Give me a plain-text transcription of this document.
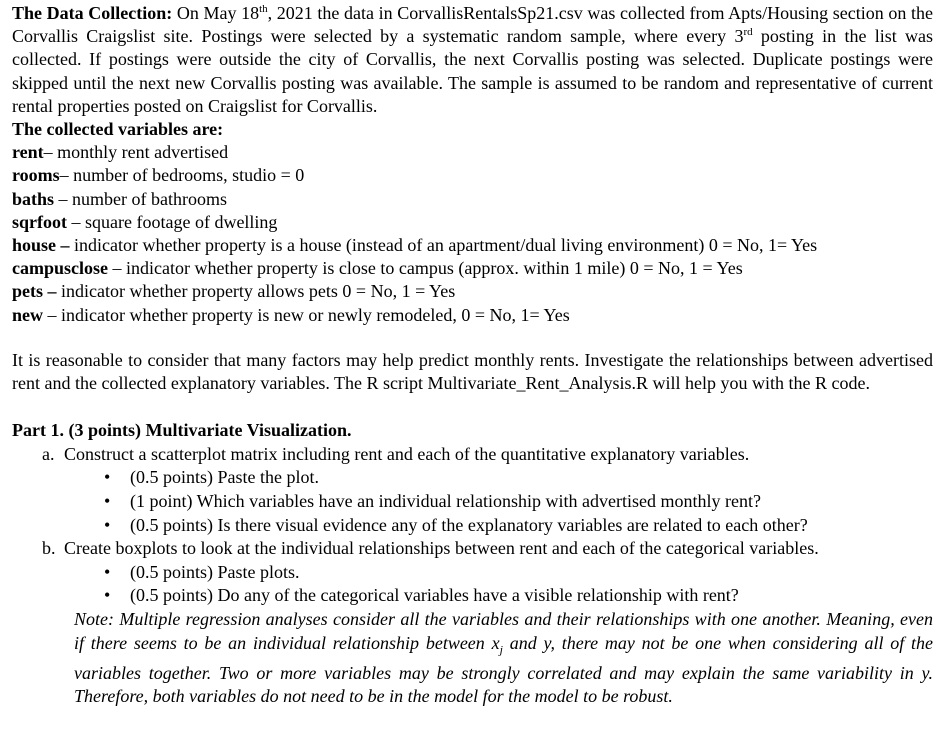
The Data Collection: On May 18th, 2021 the data in CorvallisRentalsSp21.csv was collected from Apts/Housing section on the Corvallis Craigslist site. Postings were selected by a systematic random sample, where every 3rd posting in the list was collected. If postings were outside the city of Corvallis, the next Corvallis posting was selected. Duplicate postings were skipped until the next new Corvallis posting was available. The sample is assumed to be random and representative of current rental properties posted on Craigslist for Corvallis.

The collected variables are:
rent– monthly rent advertised
rooms– number of bedrooms, studio = 0
baths – number of bathrooms
sqrfoot – square footage of dwelling
house – indicator whether property is a house (instead of an apartment/dual living environment) 0 = No, 1= Yes
campusclose – indicator whether property is close to campus (approx. within 1 mile) 0 = No, 1 = Yes
pets – indicator whether property allows pets 0 = No, 1 = Yes
new – indicator whether property is new or newly remodeled, 0 = No, 1= Yes

It is reasonable to consider that many factors may help predict monthly rents. Investigate the relationships between advertised rent and the collected explanatory variables. The R script Multivariate_Rent_Analysis.R will help you with the R code.

Part 1. (3 points) Multivariate Visualization.
a. Construct a scatterplot matrix including rent and each of the quantitative explanatory variables.
• (0.5 points) Paste the plot.
• (1 point) Which variables have an individual relationship with advertised monthly rent?
• (0.5 points) Is there visual evidence any of the explanatory variables are related to each other?
b. Create boxplots to look at the individual relationships between rent and each of the categorical variables.
• (0.5 points) Paste plots.
• (0.5 points) Do any of the categorical variables have a visible relationship with rent?

Note: Multiple regression analyses consider all the variables and their relationships with one another. Meaning, even if there seems to be an individual relationship between $x_j$ and y, there may not be one when considering all of the variables together. Two or more variables may be strongly correlated and may explain the same variability in y. Therefore, both variables do not need to be in the model for the model to be robust.
